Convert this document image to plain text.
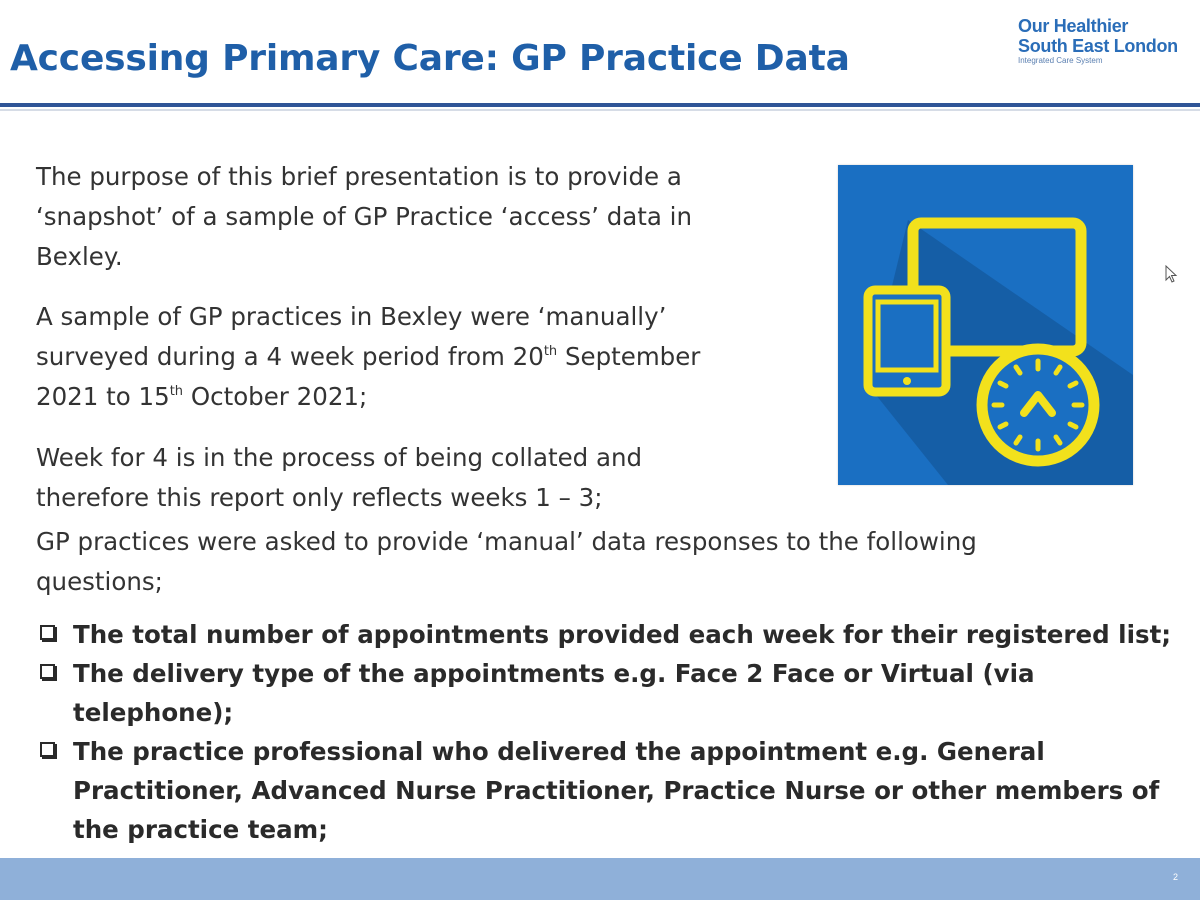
Accessing Primary Care: GP Practice Data
Our Healthier
South East London
Integrated Care System
The purpose of this brief presentation is to provide a
‘snapshot’ of a sample of GP Practice ‘access’ data in
Bexley.
A sample of GP practices in Bexley were ‘manually’
surveyed during a 4 week period from 20th September
2021 to 15th October 2021;
Week for 4 is in the process of being collated and
therefore this report only reflects weeks 1 – 3;
GP practices were asked to provide ‘manual’ data responses to the following
questions;
The total number of appointments provided each week for their registered list;
The delivery type of the appointments e.g. Face 2 Face or Virtual (via
telephone);
The practice professional who delivered the appointment e.g. General
Practitioner, Advanced Nurse Practitioner, Practice Nurse or other members of
the practice team;
2
